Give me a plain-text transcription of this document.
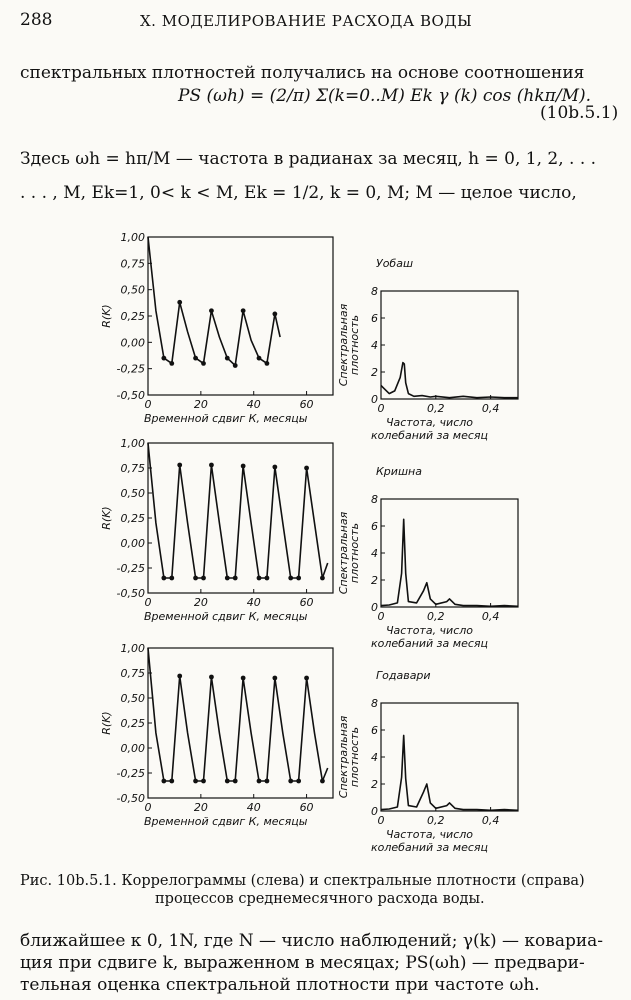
288	X. МОДЕЛИРОВАНИЕ РАСХОДА ВОДЫ
спектральных плотностей получались на основе соотношения
PS (ωh) = (2/π) Σ(k=0..M) Ek γ (k) cos (hkπ/M).
(10b.5.1)
Здесь ωh = hπ/M — частота в радианах за месяц, h = 0, 1, 2, . . .
. . . , M, Ek=1, 0< k < M, Ek = 1/2, k = 0, M; M — целое число,
1,00
0,75
0,50
0,25
0,00
-0,25
-0,50
0	20	40	60
R(K)
Временной сдвиг К, месяцы
0
2
4
6
8
0	0,2	0,4
Спектральная
плотность
Частота, число
колебаний за месяц
Уобаш
1,00
0,75
0,50
0,25
0,00
-0,25
-0,50
0	20	40	60
R(K)
Временной сдвиг К, месяцы
0
2
4
6
8
0	0,2	0,4
Спектральная
плотность
Частота, число
колебаний за месяц
Кришна
1,00
0,75
0,50
0,25
0,00
-0,25
-0,50
0	20	40	60
R(K)
Временной сдвиг К, месяцы
0
2
4
6
8
0	0,2	0,4
Спектральная
плотность
Частота, число
колебаний за месяц
Годавари
Рис. 10b.5.1. Коррелограммы (слева) и спектральные плотности (справа)
процессов среднемесячного расхода воды.
ближайшее к 0, 1N, где N — число наблюдений; γ(k) — ковариа-
ция при сдвиге k, выраженном в месяцах; PS(ωh) — предвари-
тельная оценка спектральной плотности при частоте ωh.
